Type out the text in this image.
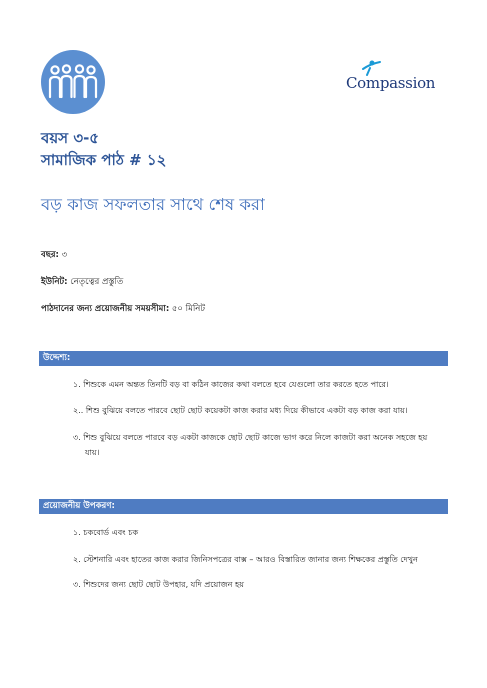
Compassion
বয়স ৩-৫
সামাজিক পাঠ # ১২
বড় কাজ সফলতার সাথে শেষ করা
বছর: ৩
ইউনিট: নেতৃত্বের প্রস্তুতি
পাঠদানের জন্য প্রয়োজনীয় সময়সীমা: ৫০ মিনিট
উদ্দেশ্য:
১. শিশুকে এমন অন্তত তিনটি বড় বা কঠিন কাজের কথা বলতে হবে যেগুলো তার করতে হতে পারে।
২.. শিশু বুঝিয়ে বলতে পারবে ছোট ছোট কয়েকটা কাজ করার মধ্য দিয়ে কীভাবে একটা বড় কাজ করা যায়।
৩. শিশু বুঝিয়ে বলতে পারবে বড় একটা কাজকে ছোট ছোট কাজে ভাগ করে নিলে কাজটা করা অনেক সহজে হয়
যায়।
প্রয়োজনীয় উপকরণ:
১. চকবোর্ড এবং চক
২. স্টেশনারি এবং হাতের কাজ করার জিনিসপত্রের বাক্স – আরও বিস্তারিত জানার জন্য শিক্ষকের প্রস্তুতি দেখুন
৩. শিশুদের জন্য ছোট ছোট উপহার, যদি প্রয়োজন হয়
